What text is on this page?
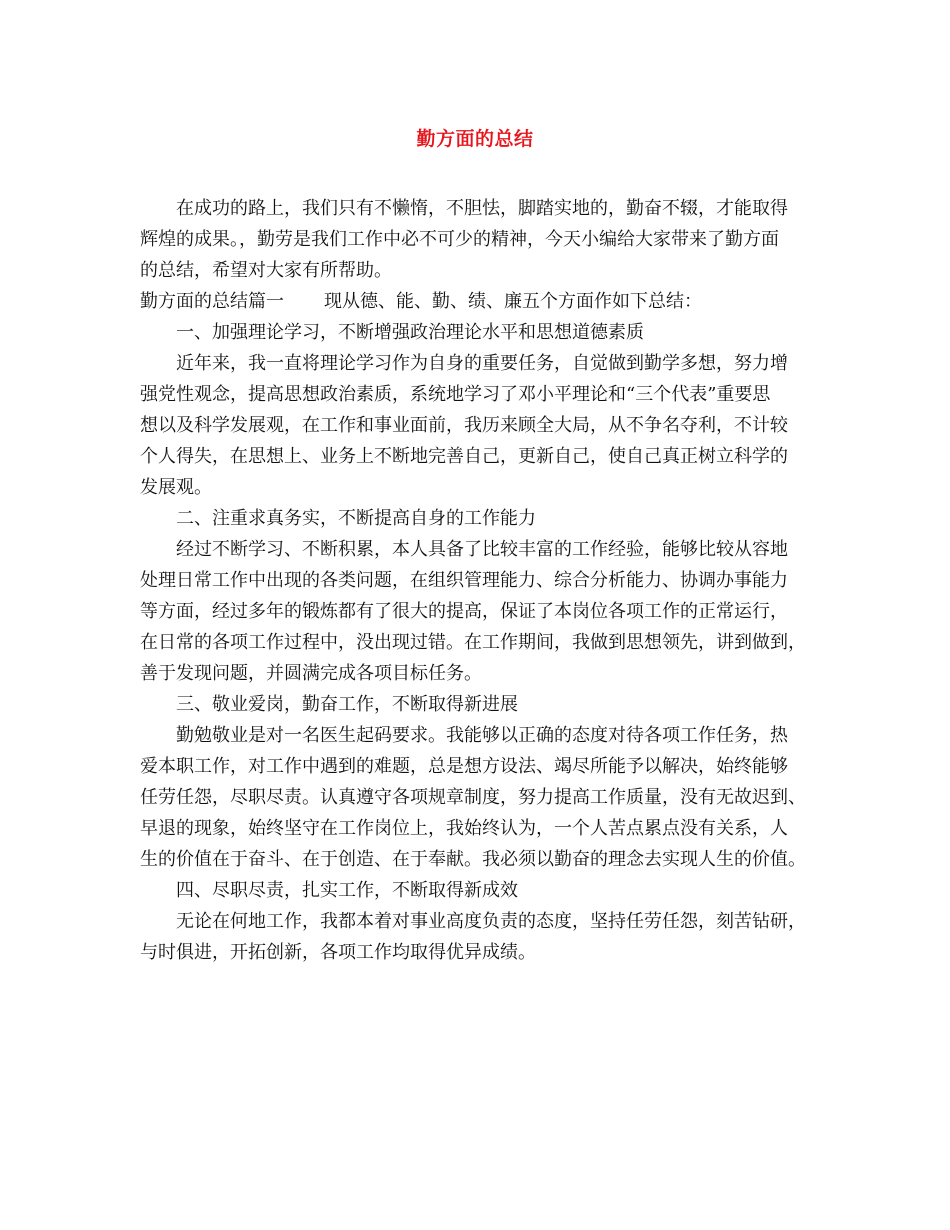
勤方面的总结

在成功的路上，我们只有不懒惰，不胆怯，脚踏实地的，勤奋不辍，才能取得
辉煌的成果。，勤劳是我们工作中必不可少的精神，今天小编给大家带来了勤方面
的总结，希望对大家有所帮助。

勤方面的总结篇一 现从德、能、勤、绩、廉五个方面作如下总结：

一、加强理论学习，不断增强政治理论水平和思想道德素质

近年来，我一直将理论学习作为自身的重要任务，自觉做到勤学多想，努力增
强党性观念，提高思想政治素质，系统地学习了邓小平理论和“三个代表”重要思
想以及科学发展观，在工作和事业面前，我历来顾全大局，从不争名夺利，不计较
个人得失，在思想上、业务上不断地完善自己，更新自己，使自己真正树立科学的
发展观。

二、注重求真务实，不断提高自身的工作能力

经过不断学习、不断积累，本人具备了比较丰富的工作经验，能够比较从容地
处理日常工作中出现的各类问题，在组织管理能力、综合分析能力、协调办事能力
等方面，经过多年的锻炼都有了很大的提高，保证了本岗位各项工作的正常运行，
在日常的各项工作过程中，没出现过错。在工作期间，我做到思想领先，讲到做到，
善于发现问题，并圆满完成各项目标任务。

三、敬业爱岗，勤奋工作，不断取得新进展

勤勉敬业是对一名医生起码要求。我能够以正确的态度对待各项工作任务，热
爱本职工作，对工作中遇到的难题，总是想方设法、竭尽所能予以解决，始终能够
任劳任怨，尽职尽责。认真遵守各项规章制度，努力提高工作质量，没有无故迟到、
早退的现象，始终坚守在工作岗位上，我始终认为，一个人苦点累点没有关系，人
生的价值在于奋斗、在于创造、在于奉献。我必须以勤奋的理念去实现人生的价值。

四、尽职尽责，扎实工作，不断取得新成效

无论在何地工作，我都本着对事业高度负责的态度，坚持任劳任怨，刻苦钻研，
与时俱进，开拓创新，各项工作均取得优异成绩。
